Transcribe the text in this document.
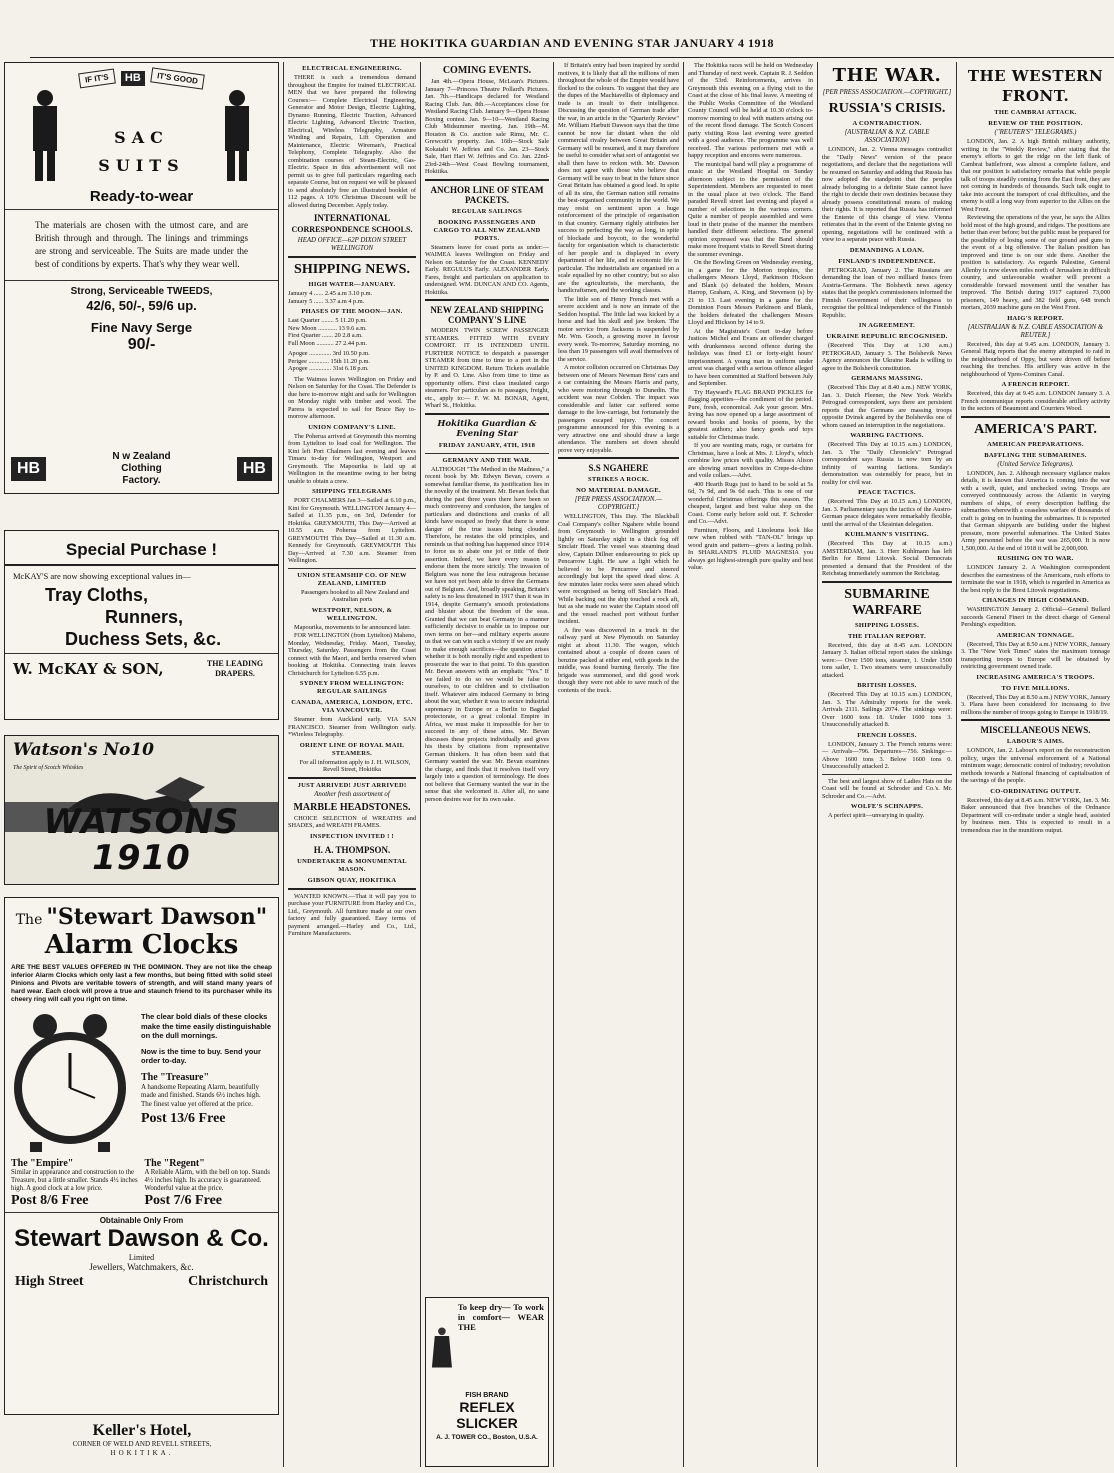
THE HOKITIKA GUARDIAN AND EVENING STAR JANUARY 4 1918
IF IT'S	HB	IT'S GOOD
SAC
SUITS
Ready-to-wear
The materials are chosen with the utmost care, and are British through and through. The linings and trimmings are strong and serviceable. The Suits are made under the best of conditions by experts. That's why they wear well.
Strong, Serviceable TWEEDS,
42/6, 50/-, 59/6 up.
Fine Navy Serge
90/-
HB
N w Zealand
Clothing
Factory.
HB
Special Purchase !
McKAY'S are now showing exceptional values in—
Tray Cloths,
Runners,
Duchess Sets, &c.
W. McKAY & SON,	THE LEADING DRAPERS.
Watson's No10
The Spirit of Scotch Whiskies
WATSONS 1910
The "Stewart Dawson"
Alarm Clocks
ARE THE BEST VALUES OFFERED IN THE DOMINION. They are not like the cheap inferior Alarm Clocks which only last a few months, but being fitted with solid steel Pinions and Pivots are veritable towers of strength, and will stand many years of hard wear. Each clock will prove a true and staunch friend to its purchaser while its cheery ring will call you right on time.
The clear bold dials of these clocks make the time easily distinguishable on the dull mornings.
Now is the time to buy. Send your order to-day.
The "Treasure"
A handsome Repeating Alarm, beautifully made and finished. Stands 6½ inches high. The finest value yet offered at the price.
Post 13/6 Free
The "Empire"
Similar in appearance and construction to the Treasure, but a little smaller. Stands 4½ inches high. A good clock at a low price.
Post 8/6 Free
The "Regent"
A Reliable Alarm, with the bell on top. Stands 4½ inches high. Its accuracy is guaranteed. Wonderful value at the price.
Post 7/6 Free
Obtainable Only From
Stewart Dawson & Co.
Limited
Jewellers, Watchmakers, &c.
High Street	Christchurch
Keller's Hotel,
CORNER OF WELD AND REVELL STREETS,
HOKITIKA.
ELECTRICAL ENGINEERING.

THERE is such a tremendous demand throughout the Empire for trained ELECTRICAL MEN that we have prepared the following Courses:— Complete Electrical Engineering, Generator and Motor Design, Electric Lighting, Dynamo Running, Electric Traction, Advanced Electric Lighting, Advanced Electric Traction, Electrical, Wireless Telegraphy, Armature Winding and Repairs, Lift Operation and Maintenance, Electric Wireman's, Practical Telephony, Complete Telegraphy. Also the combination courses of Steam-Electric, Gas-Electric. Space in this advertisement will not permit us to give full particulars regarding each separate Course, but on request we will be pleased to send absolutely free an illustrated booklet of 112 pages. A 10% Christmas Discount will be allowed during December. Apply today.

INTERNATIONAL
CORRESPONDENCE SCHOOLS.
HEAD OFFICE—62P DIXON STREET WELLINGTON
SHIPPING NEWS.
HIGH WATER—JANUARY.
January 4 ...... 2.45 a.m 3.10 p.m.
January 5 ...... 3.37 a.m 4 p.m.
PHASES OF THE MOON—JAN.
Last Quarter ........ 5 11.20 p.m.
New Moon ............ 13 9.6 a.m.
First Quarter ....... 20 2.8 a.m.
Full Moon ........... 27 2.44 p.m.
Apogee .............. 3rd 10.50 p.m.
Perigee ............. 15th 11.20 p.m.
Apogee .............. 31st 6.18 p.m.

The Waimea leaves Wellington on Friday and Nelson on Saturday for the Coast. The Defender is due here to-morrow night and sails for Wellington on Monday night with timber and wool. The Parera is expected to sail for Bruce Bay to-morrow afternoon.

UNION COMPANY'S LINE.

The Poherua arrived at Greymouth this morning from Lyttelton to load coal for Wellington. The Kini left Port Chalmers last evening and leaves Timaru to-day for Wellington, Westport and Greymouth. The Mapourika is laid up at Wellington in the meantime owing to her being unable to obtain a crew.

SHIPPING TELEGRAMS

PORT CHALMERS Jan 3—Sailed at 6.10 p.m., Kini for Greymouth. WELLINGTON January 4—Sailed at 11.35 p.m., on 3rd, Defender for Hokitika. GREYMOUTH, This Day—Arrived at 10.55 a.m. Poherua from Lyttelton. GREYMOUTH This Day—Sailed at 11.30 a.m. Kennedy for Greymouth. GREYMOUTH This Day—Arrived at 7.30 a.m. Steamer from Wellington.

UNION STEAMSHIP CO. OF NEW ZEALAND, LIMITED

Passengers booked to all New Zealand and Australian ports

WESTPORT, NELSON, & WELLINGTON.

Mapourika, movements to be announced later.

FOR WELLINGTON (from Lyttelton) Maheno, Monday, Wednesday, Friday. Maori, Tuesday, Thursday, Saturday. Passengers from the Coast connect with the Maori, and berths reserved when booking at Hokitika. Connecting train leaves Christchurch for Lyttelton 6.55 p.m.

SYDNEY FROM WELLINGTON: REGULAR SAILINGS
CANADA, AMERICA, LONDON, ETC. VIA VANCOUVER.

Steamer from Auckland early. VIA SAN FRANCISCO. Steamer from Wellington early. *Wireless Telegraphy.

ORIENT LINE OF ROYAL MAIL STEAMERS.

For all information apply to J. H. WILSON, Revell Street, Hokitika

JUST ARRIVED! JUST ARRIVED!
Another fresh assortment of
MARBLE HEADSTONES.

CHOICE SELECTION of WREATHS and SHADES, and WREATH FRAMES.

INSPECTION INVITED ! !
H. A. THOMPSON.
UNDERTAKER & MONUMENTAL MASON.
GIBSON QUAY, HOKITIKA

WANTED KNOWN.—That it will pay you to purchase your FURNITURE from Harley and Co., Ltd., Greymouth. All furniture made at our own factory and fully guaranteed. Easy terms of payment arranged.—Harley and Co., Ltd., Furniture Manufacturers.

COMING EVENTS.

Jan 4th.—Opera House, McLean's Pictures. January 7—Princess Theatre Pollard's Pictures. Jan. 7th.—Handicaps declared for Westland Racing Club. Jan. 8th.—Acceptances close for Westland Racing Club. January 9—Opera House Boxing contest. Jan. 9—10—Westland Racing Club Midsummer meeting. Jan. 19th—M. Houston & Co. auction sale Rimu, Mr. C. Grewcott's property. Jan. 16th—Stock Sale Kokatahi W. Jeffries and Co. Jan. 23—Stock Sale, Hari Hari W. Jeffries and Co. Jan. 22nd-23rd-24th—West Coast Bowling tournament, Hokitika.

ANCHOR LINE OF STEAM PACKETS.
REGULAR SAILINGS
BOOKING PASSENGERS AND CARGO TO ALL NEW ZEALAND PORTS.

Steamers leave for coast ports as under:— WAIMEA leaves Wellington on Friday and Nelson on Saturday for the Coast. KENNEDY Early. REGULUS Early. ALEXANDER Early. Fares, freight and particulars on application to undersigned. WM. DUNCAN AND CO. Agents, Hokitika.

NEW ZEALAND SHIPPING COMPANY'S LINE

MODERN TWIN SCREW PASSENGER STEAMERS. FITTED WITH EVERY COMFORT. IT IS INTENDED UNTIL FURTHER NOTICE to despatch a passenger STEAMER from time to time to a port in the UNITED KINGDOM. Return Tickets available by P. and O. Line. Also from time to time as opportunity offers. First class insulated cargo steamers. For particulars as to passages, freight, etc., apply to:— F. W. M. BONAR, Agent, Wharf St., Hokitika.

Hokitika Guardian & Evening Star
FRIDAY JANUARY, 4TH, 1918
GERMANY AND THE WAR.

ALTHOUGH "The Method in the Madness," a recent book by Mr. Edwyn Bevan, covers a somewhat familiar theme, its justification lies in the novelty of the treatment. Mr. Bevan feels that during the past three years there have been so much controversy and confusion, the tangles of particulars and distinctions and cranks of all kinds have escaped so freely that there is some danger of the true issues being clouded. Therefore, he restates the old principles, and reminds us that nothing has happened since 1914 to force us to abate one jot or tittle of their assertion. Indeed, we have every reason to endorse them the more strictly. The invasion of Belgium was none the less outrageous because we have not yet been able to drive the Germans out of Belgium. And, broadly speaking, Britain's safety is no less threatened in 1917 than it was in 1914, despite Germany's smooth protestations and bluster about the freedom of the seas. Granted that we can beat Germany in a manner sufficiently decisive to enable us to impose our own terms on her—and military experts assure us that we can win such a victory if we are ready to make enough sacrifices—the question arises whether it is both morally right and expedient to prosecute the war to that point. To this question Mr. Bevan answers with an emphatic "Yes." If we failed to do so we would be false to ourselves, to our children and to civilisation itself. Whatever aim induced Germany to bring about the war, whether it was to secure industrial supremacy in Europe or a Berlin to Bagdad protectorate, or a great colonial Empire in Africa, we must make it impossible for her to succeed in any of these aims. Mr. Bevan discusses these projects individually and gives his thesis by citations from representative German thinkers. It has often been said that Germany wanted the war. Mr. Bevan examines the charge, and finds that it resolves itself very largely into a question of terminology. He does not believe that Germany wanted the war in the sense that she welcomed it. After all, no sane person desires war for its own sake.

To keep dry— To work in comfort— WEAR THE
FISH BRAND
REFLEX
SLICKER
A. J. TOWER CO., Boston, U.S.A.

If Britain's entry had been inspired by sordid motives, it is likely that all the millions of men throughout the whole of the Empire would have flocked to the colours. To suggest that they are the dupes of the Machiavellis of diplomacy and trade is an insult to their intelligence. Discussing the question of German trade after the war, in an article in the "Quarterly Review" Mr. William Harbutt Dawson says that the time cannot be now far distant when the old commercial rivalry between Great Britain and Germany will be resumed, and it may therefore be useful to consider what sort of antagonist we shall then have to reckon with. Mr. Dawson does not agree with those who believe that Germany will be easy to beat in the future since Great Britain has obtained a good lead. In spite of all its sins, the German nation still remains the best-organised community in the world. We may resist on sentiment upon a huge reinforcement of the principle of organisation in that country. Germany rightly attributes her success to perfecting the way as long, in spite of blockade and boycott, to the wonderful faculty for organisation which is characteristic of her people and is displayed in every department of her life, and in economic life in particular. The industrialists are organised on a scale equalled by no other country; but so also are the agriculturists, the merchants, the handicraftsmen, and the working classes.

The little son of Henry French met with a severe accident and is now an inmate of the Seddon hospital. The little lad was kicked by a horse and had his skull and jaw broken. The motor service from Jacksons is suspended by Mr. Wm. Gooch, a growing move in favour every week. To-morrow, Saturday morning, no less than 19 passengers will avail themselves of the service.

A motor collision occurred on Christmas Day between one of Messrs Newman Bros' cars and a car containing the Messrs Harris and party, who were motoring through to Dunedin. The accident was near Cobden. The impact was considerable and latter car suffered some damage to the low-carriage, but fortunately the passengers escaped injury. The concert programme announced for this evening is a very attractive one and should draw a large attendance. The numbers set down should prove very enjoyable.

S.S NGAHERE
STRIKES A ROCK.
NO MATERIAL DAMAGE.
[PER PRESS ASSOCIATION.—COPYRIGHT.]

WELLINGTON, This Day. The Blackball Coal Company's collier Ngahere while bound from Greymouth to Wellington grounded lightly on Saturday night in a thick fog off Sinclair Head. The vessel was steaming dead slow, Captain Dillner endeavouring to pick up Pencarrow Light. He saw a light which he believed to be Pencarrow and steered accordingly but kept the speed dead slow. A few minutes later rocks were seen ahead which were recognised as being off Sinclair's Head. While backing out the ship touched a rock aft, but as she made no water the Captain stood off and the vessel reached port without further incident.

A fire was discovered in a truck in the railway yard at New Plymouth on Saturday night at about 11.30. The wagon, which contained about a couple of dozen cases of benzine packed at either end, with goods in the middle, was found burning fiercely. The fire brigade was summoned, and did good work though they were not able to save much of the contents of the truck.

The Hokitika races will be held on Wednesday and Thursday of next week. Captain R. J. Seddon of the 53rd. Reinforcements, arrives in Greymouth this evening on a flying visit to the Coast at the close of his final leave. A meeting of the Public Works Committee of the Westland County Council will be held at 10.30 o'clock to-morrow morning to deal with matters arising out of the recent flood damage. The Scotch Concert party visiting Ross last evening were greeted with a good audience. The programme was well received. The various performers met with a happy reception and encores were numerous.

The municipal band will play a programme of music at the Westland Hospital on Sunday afternoon subject to the permission of the Superintendent. Members are requested to meet in the usual place at two o'clock. The Band paraded Revell street last evening and played a number of selections in the various corners. Quite a number of people assembled and were loud in their praise of the manner the members handled their different selections. The general opinion expressed was that the Band should make more frequent visits to Revell Street during the summer evenings.

On the Bowling Green on Wednesday evening, in a game for the Morton trophies, the challengers Messrs Lloyd, Parkinson Hickson and Blank (s) defeated the holders, Messrs Harrop, Graham, A. King, and Stevenson (s) by 21 to 13. Last evening in a game for the Dominion Fours Messrs Parkinson and Blank, the holders defeated the challengers Messrs Lloyd and Hickson by 14 to 9.

At the Magistrate's Court to-day before Justices Michel and Evans an offender charged with drunkenness second offence during the holidays was fined £1 or forty-eight hours' imprisonment. A young man in uniform under arrest was charged with a serious offence alleged to have been committed at Stafford between July and September.

Try Hayward's FLAG BRAND PICKLES for flagging appetites—the condiment of the period. Pure, fresh, economical. Ask your grocer. Mrs. Irving has now opened up a large assortment of reward books and books of poems, by the greatest authors; also fancy goods and toys suitable for Christmas trade.

If you are wanting mats, rugs, or curtains for Christmas, have a look at Mrs. J. Lloyd's, which combine low prices with quality. Misses Alison are showing smart novelties in Crepe-de-chine and voile collars.—Advt.

400 Hearth Rugs just to hand to be sold at 5s 6d, 7s 9d, and 9s 6d each. This is one of our wonderful Christmas offerings this season. The cheapest, largest and best value shop on the Coast. Come early before sold out. F. Schroder and Co.—Advt.

Furniture, Floors, and Linoleums look like new when rubbed with "TAN-OL" brings up wood grain and pattern—gives a lasting polish. In SHARLAND'S FLUID MAGNESIA you always get highest-strength pure quality and best value.

THE WAR.
[PER PRESS ASSOCIATION.—COPYRIGHT.]
RUSSIA'S CRISIS.
A CONTRADICTION.
[AUSTRALIAN & N.Z. CABLE ASSOCIATION]

LONDON, Jan. 2. Vienna messages contradict the "Daily News" version of the peace negotiations, and declare that the negotiations will be resumed on Saturday and adding that Russia has now adopted the standpoint that the peoples already belonging to a definite State cannot have the right to decide their own destinies because they already possess constitutional means of making their rights. It is reported that Russia has informed the Entente of this change of view. Vienna reiterates that in the event of the Entente giving no opening, negotiations will be continued with a view to a separate peace with Russia.

DEMANDING A LOAN.
FINLAND'S INDEPENDENCE.

PETROGRAD, January 2. The Russians are demanding the loan of two milliard francs from Austria-Germans. The Bolshevik news agency states that the people's commissioners informed the Finnish Government of their willingness to recognise the political independence of the Finnish Republic.

IN AGREEMENT.
UKRAINE REPUBLIC RECOGNISED.

(Received This Day at 1.30 a.m.) PETROGRAD, January 3. The Bolshevik News Agency announces the Ukraine Rada is willing to agree to the Bolshevik constitution.

GERMANS MASSING.

(Received This Day at 8.40 a.m.) NEW YORK, Jan. 3. Dutch Fleener, the New York World's Petrograd correspondent, says there are persistent reports that the Germans are massing troops opposite Dvinsk angered by the Bolsheviks one of whom caused an interruption in the negotiations.

WARRING FACTIONS.

(Received This Day at 10.15 a.m.) LONDON, Jan. 3. The "Daily Chronicle's" Petrograd correspondent says Russia is now torn by an infinity of warring factions. Sunday's demonstration was ostensibly for peace, but in reality for civil war.

PEACE TACTICS.

(Received This Day at 10.15 a.m.) LONDON, Jan. 3. Parliamentary says the tactics of the Austro-German peace delegates were remarkably flexible, until the arrival of the Ukrainian delegation.

KUHLMANN'S VISITING.

(Received This Day at 10.15 a.m.) AMSTERDAM, Jan. 3. Herr Kuhlmann has left Berlin for Brest Litovsk. Social Democrats presented a demand that the President of the Reichstag immediately summon the Reichstag.

SUBMARINE WARFARE
SHIPPING LOSSES.
THE ITALIAN REPORT.

Received, this day at 8.45 a.m. LONDON January 3. Italian official report states the sinkings were:— Over 1500 tons, steamer, 1. Under 1500 tons sailer, 1. Two steamers were unsuccessfully attacked.

BRITISH LOSSES.

(Received This Day at 10.15 a.m.) LONDON, Jan. 3. The Admiralty reports for the week. Arrivals 2111. Sailings 2074. The sinkings were: Over 1600 tons 18. Under 1600 tons 3. Unsuccessfully attacked 8.

FRENCH LOSSES.

LONDON, January 3. The French returns were:— Arrivals—796. Departures—756. Sinkings:— Above 1600 tons 3. Below 1600 tons 0. Unsuccessfully attacked 2.

The best and largest show of Ladies Hats on the Coast will be found at Schroder and Co.'s. Mr. Schroder and Co.—Advt.

WOLFE'S SCHNAPPS.

A perfect spirit—unvarying in quality.

THE WESTERN FRONT.
THE CAMBRAI ATTACK.
REVIEW OF THE POSITION.
("REUTER'S" TELEGRAMS.)

LONDON, Jan. 2. A high British military authority, writing in the "Weekly Review," after stating that the enemy's efforts to get the ridge on the left flank of Cambrai battlefront, was almost a complete failure, and that our position is satisfactory remarks that while people talk of troops steadily coming from the East front, they are not coming in hundreds of thousands. Such talk ought to take into account the transport of coal difficulties, and the enemy is still a long way from superior to the Allies on the West Front.

Reviewing the operations of the year, he says the Allies hold most of the high ground, and ridges. The positions are better than ever before; but the public must be prepared for the possibility of losing some of our ground and guns in the event of a big offensive. The Italian position has improved and time is on our side there. Another the position is satisfactory. As regards Palestine, General Allenby is now eleven miles north of Jerusalem in difficult country, and unfavourable weather will prevent a considerable forward movement until the weather has improved. The British during 1917 captured 73,000 prisoners, 149 heavy, and 382 field guns, 648 trench mortars, 2039 machine guns on the West Front.

HAIG'S REPORT.
[AUSTRALIAN & N.Z. CABLE ASSOCIATION & REUTER.]

Received, this day at 9.45 a.m. LONDON, January 3. General Haig reports that the enemy attempted to raid in the neighbourhood of Oppy, but were driven off before reaching the trenches. His artillery was active in the neighbourhood of Ypres-Comines Canal.

A FRENCH REPORT.

Received, this day at 9.45 a.m. LONDON January 3. A French communique reports considerable artillery activity in the sectors of Beaumont and Courriers Wood.

AMERICA'S PART.
AMERICAN PREPARATIONS.
BAFFLING THE SUBMARINES.
(United Service Telegrams).

LONDON, Jan. 2. Although necessary vigilance makes details, it is known that America is coming into the war with a swift, quiet, and unchecked swing. Troops are conveyed continuously across the Atlantic in varying numbers of ships, of every description baffling the submarines wherewith a ceaseless warfare of thousands of craft is going on in hunting the submarines. It is reported that German shipyards are building under the highest pressure, more powerful submarines. The United States Army personnel before the war was 265,000. It is now 1,500,000. At the end of 1918 it will be 2,000,000.

RUSHING ON TO WAR.

LONDON January 2. A Washington correspondent describes the earnestness of the Americans, rush efforts to terminate the war in 1918, which is regarded in America as the best reply to the Brest Litovsk negotiations.

CHANGES IN HIGH COMMAND.

WASHINGTON January 2. Official—General Bullard succeeds General Fineri in the direct charge of General Pershing's expedition.

AMERICAN TONNAGE.

(Received, This Day at 8.50 a.m.) NEW YORK, January 3. The "New York Times" states the maximum tonnage transporting troops to Europe will be obtained by restricting government owned trade.

INCREASING AMERICA'S TROOPS.
TO FIVE MILLIONS.

(Received, This Day at 8.50 a.m.) NEW YORK, January 3. Plans have been considered for increasing to five millions the number of troops going to Europe in 1918/19.

MISCELLANEOUS NEWS.
LABOUR'S AIMS.

LONDON, Jan. 2. Labour's report on the reconstruction policy, urges the universal enforcement of a National minimum wage; democratic control of industry; revolution methods towards a National financing of capitalisation of the savings of the people.

CO-ORDINATING OUTPUT.

Received, this day at 8.45 a.m. NEW YORK, Jan. 3. Mr. Baker announced that five branches of the Ordnance Department will co-ordinate under a single head, assisted by business men. This is expected to result in a tremendous rise in the munitions output.
